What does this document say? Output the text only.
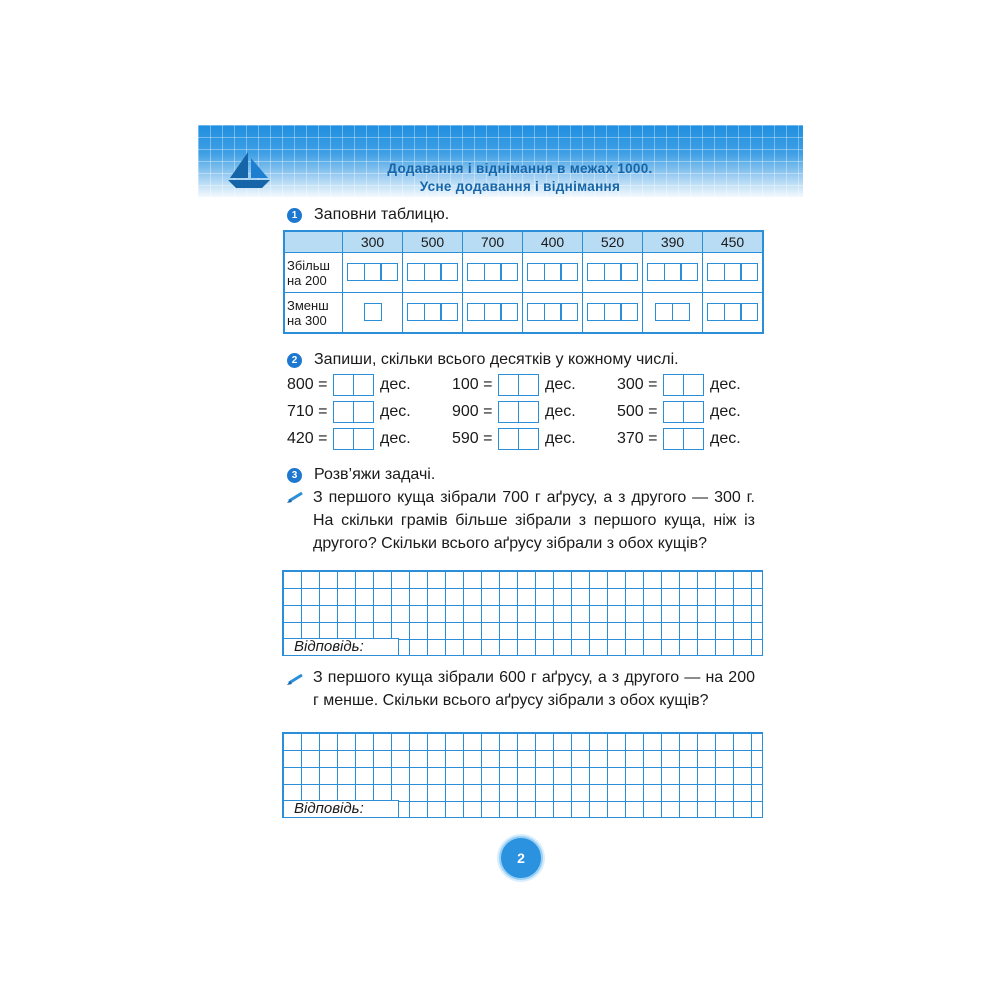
Додавання і віднімання в межах 1000.
Усне додавання і віднімання
1 Заповни таблицю.
	300	500	700	400	520	390	450
Збільш на 200	

Зменш на 300	

2 Запиши, скільки всього десятків у кожному числі.
800 =	дес.	100 =	дес.	300 =	дес.
710 =	дес.	900 =	дес.	500 =	дес.
420 =	дес.	590 =	дес.	370 =	дес.
3 Розв’яжи задачі.
З першого куща зібрали 700 г аґрусу, а з другого — 300 г. На скільки грамів більше зібрали з першого куща, ніж із другого? Скільки всього аґрусу зібрали з обох кущів?
Відповідь:
З першого куща зібрали 600 г аґрусу, а з другого — на 200 г менше. Скільки всього аґрусу зібрали з обох кущів?
Відповідь:
2
